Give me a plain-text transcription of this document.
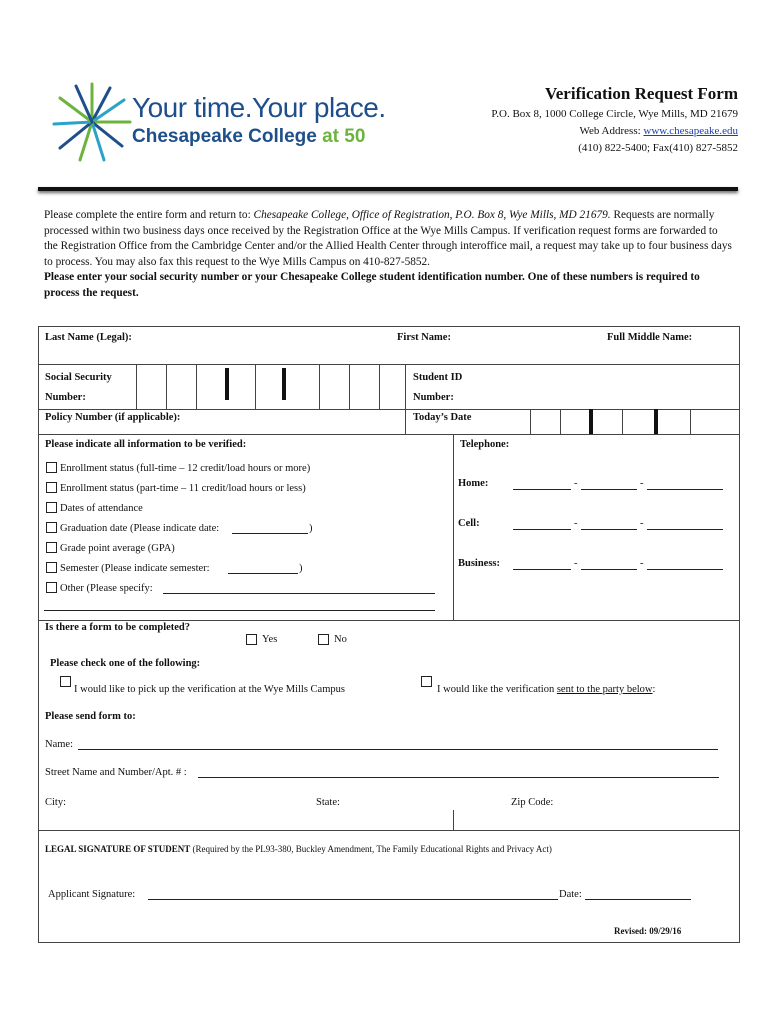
Your time.Your place.
Chesapeake College at 50
Verification Request Form
P.O. Box 8, 1000 College Circle, Wye Mills, MD 21679
Web Address: www.chesapeake.edu
(410) 822-5400; Fax(410) 827-5852
Please complete the entire form and return to: Chesapeake College, Office of Registration, P.O. Box 8, Wye Mills, MD 21679. Requests are normally processed within two business days once received by the Registration Office at the Wye Mills Campus. If verification request forms are forwarded to the Registration Office from the Cambridge Center and/or the Allied Health Center through interoffice mail, a request may take up to four business days to process. You may also fax this request to the Wye Mills Campus on 410-827-5852.
Please enter your social security number or your Chesapeake College student identification number. One of these numbers is required to process the request.
Last Name (Legal):	First Name:	Full Middle Name:
Social Security
Number:
Student ID
Number:
Policy Number (if applicable):	Today’s Date
Please indicate all information to be verified:	Telephone:
Enrollment status (full-time – 12 credit/load hours or more)
Enrollment status (part-time – 11 credit/load hours or less)
Dates of attendance
Graduation date (Please indicate date:	)
Grade point average (GPA)
Semester (Please indicate semester:	)
Other (Please specify:
Home:	-	-
Cell:	-	-
Business:	-	-
Is there a form to be completed?
Yes	No
Please check one of the following:
I would like to pick up the verification at the Wye Mills Campus	I would like the verification sent to the party below:
Please send form to:
Name:
Street Name and Number/Apt. # :
City:	State:	Zip Code:
LEGAL SIGNATURE OF STUDENT (Required by the PL93-380, Buckley Amendment, The Family Educational Rights and Privacy Act)
Applicant Signature:	Date:
Revised: 09/29/16
